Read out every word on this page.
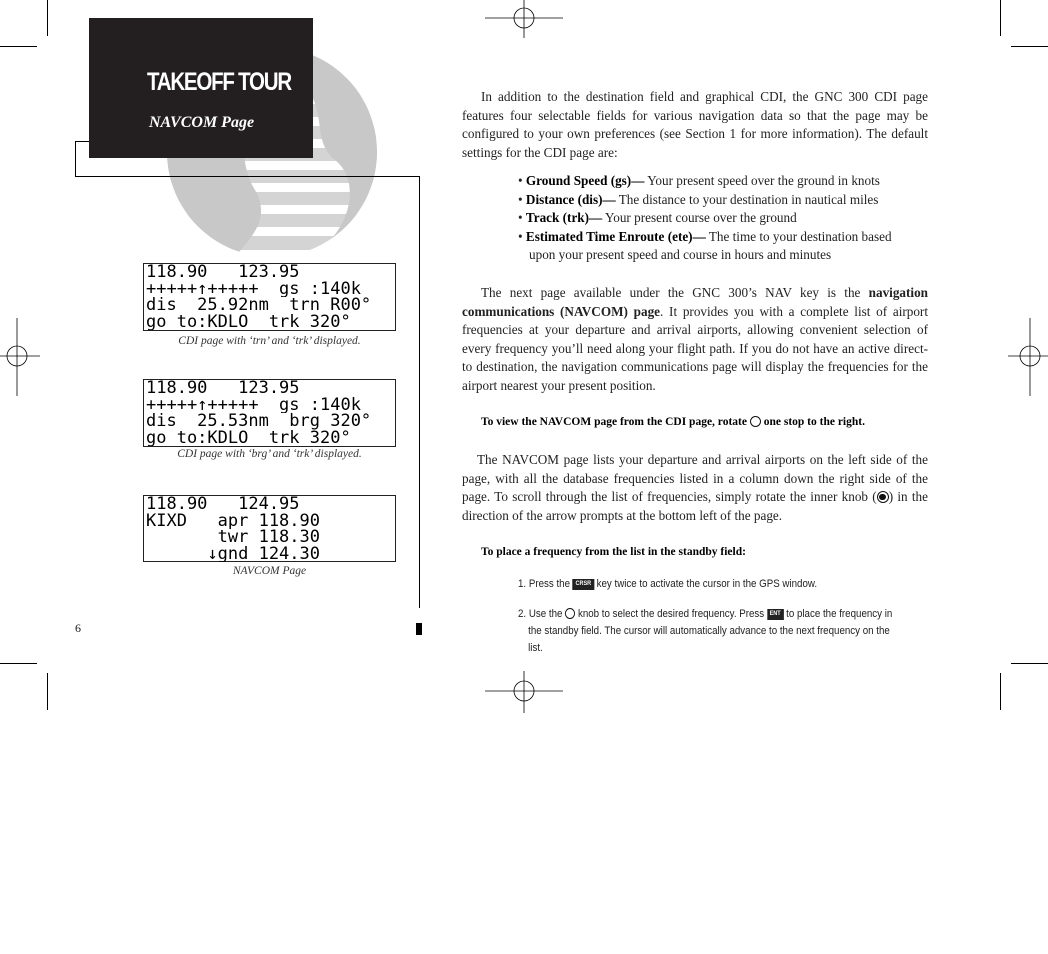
TAKEOFF TOUR
NAVCOM Page
118.90   123.95
+++++↑+++++  gs :140k
dis  25.92nm  trn R00°
go to:KDLO  trk 320°
CDI page with ‘trn’ and ‘trk’ displayed.
118.90   123.95
+++++↑+++++  gs :140k
dis  25.53nm  brg 320°
go to:KDLO  trk 320°
CDI page with ‘brg’ and ‘trk’ displayed.
118.90   124.95
KIXD   apr 118.90
twr 118.30
↓gnd 124.30
NAVCOM Page
In addition to the destination field and graphical CDI, the GNC 300 CDI page features four selectable fields for various navigation data so that the page may be configured to your own preferences (see Section 1 for more information). The default settings for the CDI page are:
• Ground Speed (gs)— Your present speed over the ground in knots
• Distance (dis)— The distance to your destination in nautical miles
• Track (trk)— Your present course over the ground
• Estimated Time Enroute (ete)— The time to your destination based upon your present speed and course in hours and minutes
The next page available under the GNC 300’s NAV key is the navigation communications (NAVCOM) page. It provides you with a complete list of airport frequencies at your departure and arrival airports, allowing convenient selection of every frequency you’ll need along your flight path. If you do not have an active direct-to destination, the navigation communications page will display the frequencies for the airport nearest your present position.
To view the NAVCOM page from the CDI page, rotate  one stop to the right.
The NAVCOM page lists your departure and arrival airports on the left side of the page, with all the database frequencies listed in a column down the right side of the page. To scroll through the list of frequencies, simply rotate the inner knob ( ) in the direction of the arrow prompts at the bottom left of the page.
To place a frequency from the list in the standby field:
1. Press the CRSR key twice to activate the cursor in the GPS window.
2. Use the  knob to select the desired frequency. Press ENT to place the frequency in the standby field. The cursor will automatically advance to the next frequency on the list.
6
